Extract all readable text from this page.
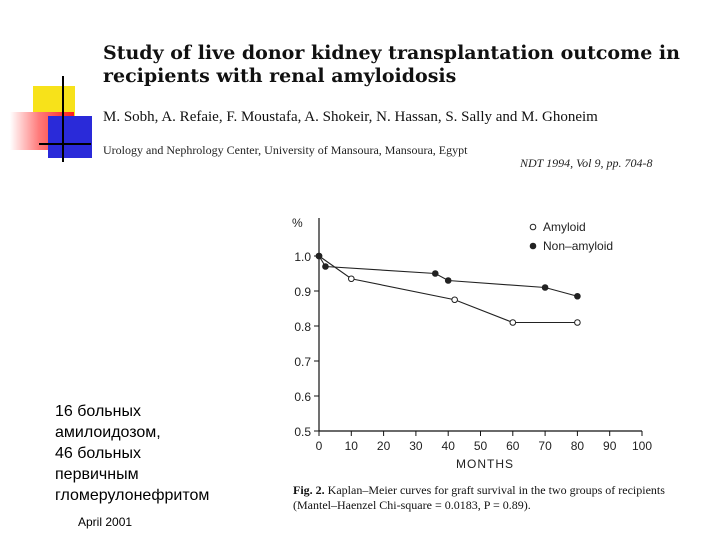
Study of live donor kidney transplantation outcome in recipients with renal amyloidosis
M. Sobh, A. Refaie, F. Moustafa, A. Shokeir, N. Hassan, S. Sally and M. Ghoneim
Urology and Nephrology Center, University of Mansoura, Mansoura, Egypt
NDT 1994, Vol 9, pp. 704-8
16 больных
амилоидозом,
46 больных
первичным
гломерулонефритом
April 2001
1.0
0.9
0.8
0.7
0.6
0.5
%
0 10 20 30 40 50 60 70 80 90 100
MONTHS
Amyloid
Non–amyloid
Fig. 2. Kaplan–Meier curves for graft survival in the two groups of recipients (Mantel–Haenzel Chi-square = 0.0183, P = 0.89).
